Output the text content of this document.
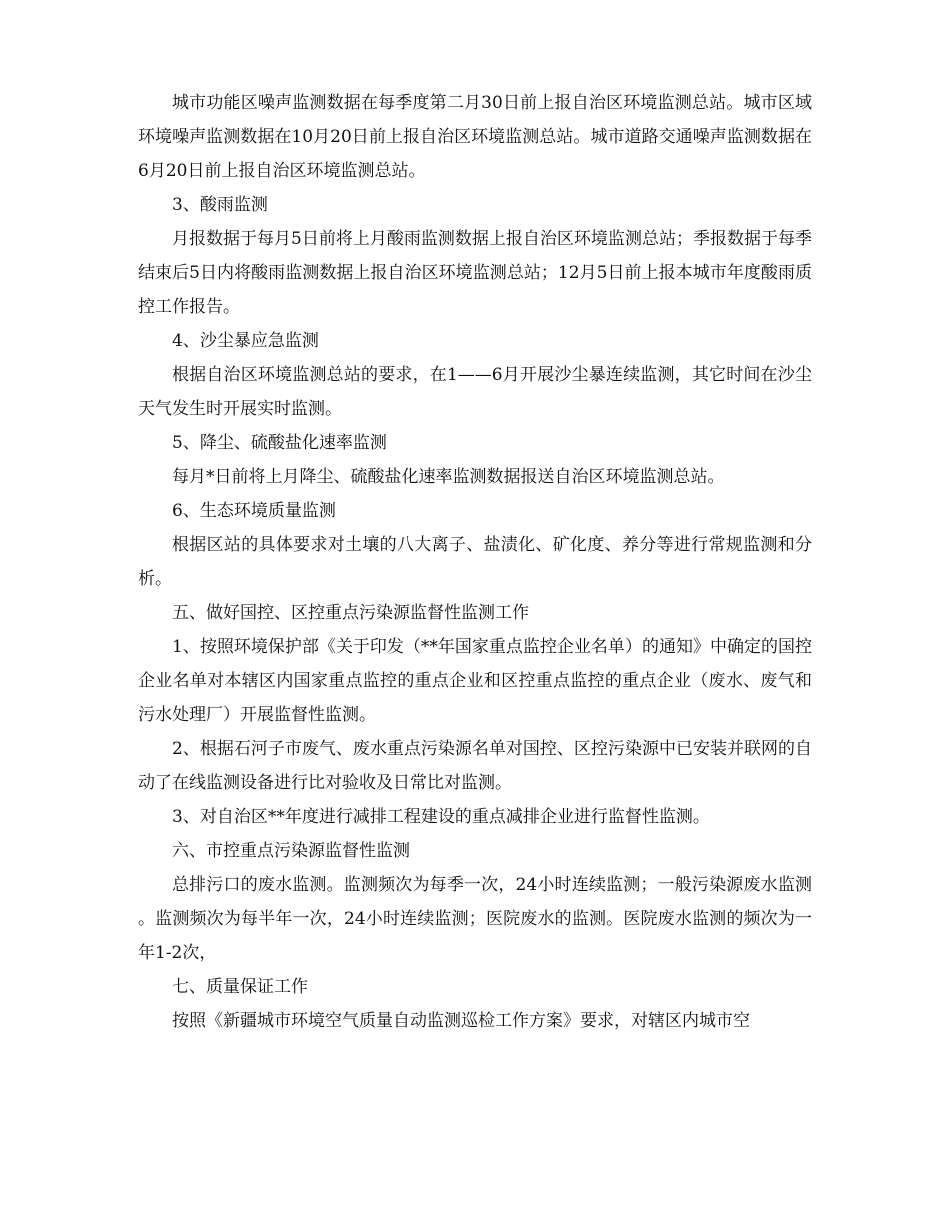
城市功能区噪声监测数据在每季度第二月30日前上报自治区环境监测总站。城市区域环境噪声监测数据在10月20日前上报自治区环境监测总站。城市道路交通噪声监测数据在6月20日前上报自治区环境监测总站。

3、酸雨监测

月报数据于每月5日前将上月酸雨监测数据上报自治区环境监测总站；季报数据于每季结束后5日内将酸雨监测数据上报自治区环境监测总站；12月5日前上报本城市年度酸雨质控工作报告。

4、沙尘暴应急监测

根据自治区环境监测总站的要求，在1——6月开展沙尘暴连续监测，其它时间在沙尘天气发生时开展实时监测。

5、降尘、硫酸盐化速率监测

每月*日前将上月降尘、硫酸盐化速率监测数据报送自治区环境监测总站。

6、生态环境质量监测

根据区站的具体要求对土壤的八大离子、盐渍化、矿化度、养分等进行常规监测和分析。

五、做好国控、区控重点污染源监督性监测工作

1、按照环境保护部《关于印发（**年国家重点监控企业名单）的通知》中确定的国控企业名单对本辖区内国家重点监控的重点企业和区控重点监控的重点企业（废水、废气和污水处理厂）开展监督性监测。

2、根据石河子市废气、废水重点污染源名单对国控、区控污染源中已安装并联网的自动了在线监测设备进行比对验收及日常比对监测。

3、对自治区**年度进行减排工程建设的重点减排企业进行监督性监测。

六、市控重点污染源监督性监测

总排污口的废水监测。监测频次为每季一次，24小时连续监测；一般污染源废水监测。监测频次为每半年一次，24小时连续监测；医院废水的监测。医院废水监测的频次为一年1-2次，

七、质量保证工作

按照《新疆城市环境空气质量自动监测巡检工作方案》要求，对辖区内城市空
